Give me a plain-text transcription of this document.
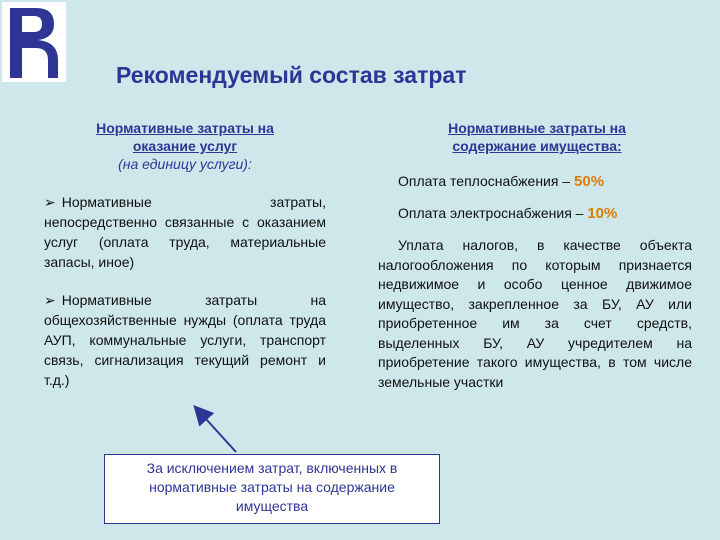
Рекомендуемый состав затрат
Нормативные затраты на
оказание услуг
(на единицу услуги):
➢ Нормативные затраты, непосредственно связанные с оказанием услуг (оплата труда, материальные запасы, иное)
➢ Нормативные затраты на общехозяйственные нужды (оплата труда АУП, коммунальные услуги, транспорт связь, сигнализация текущий ремонт и т.д.)
Нормативные затраты на
содержание имущества:
Оплата теплоснабжения – 50%
Оплата электроснабжения – 10%
Уплата налогов, в качестве объекта налогообложения по которым признается недвижимое и особо ценное движимое имущество, закрепленное за БУ, АУ или приобретенное им за счет средств, выделенных БУ, АУ учредителем на приобретение такого имущества, в том числе земельные участки
За исключением затрат, включенных в
нормативные затраты на содержание
имущества
